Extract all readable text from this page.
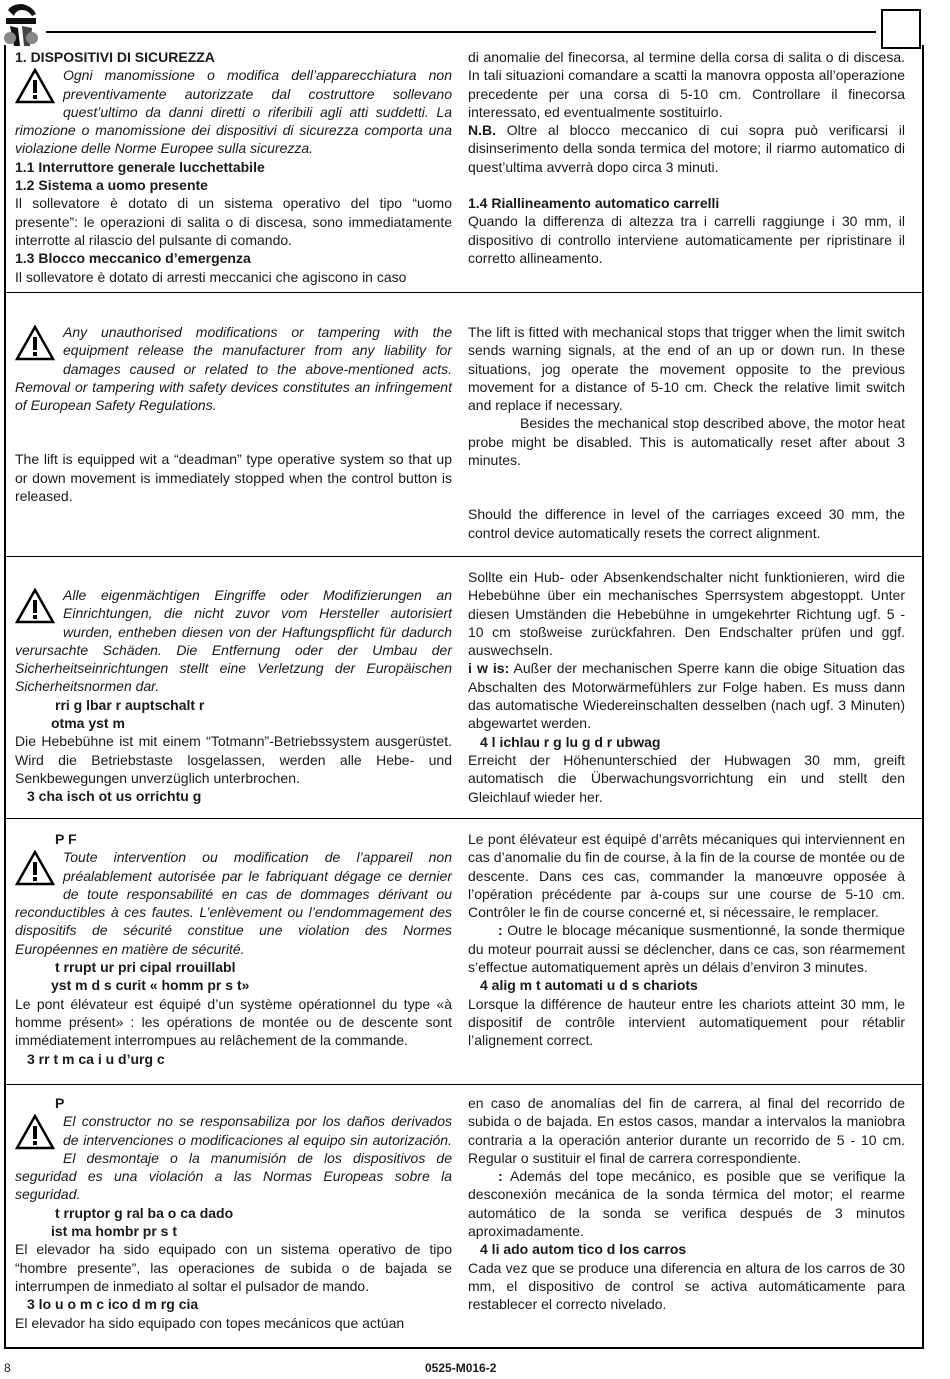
1. DISPOSITIVI DI SICUREZZA

Ogni manomissione o modifica dell’apparecchiatura non preventivamente autorizzate dal costruttore sollevano quest’ultimo da danni diretti o riferibili agli atti suddetti. La rimozione o manomissione dei dispositivi di sicurezza comporta una violazione delle Norme Europee sulla sicurezza.

1.1 Interruttore generale lucchettabile

1.2 Sistema a uomo presente

Il sollevatore è dotato di un sistema operativo del tipo “uomo presente”: le operazioni di salita o di discesa, sono immediatamente interrotte al rilascio del pulsante di comando.

1.3 Blocco meccanico d’emergenza

Il sollevatore è dotato di arresti meccanici che agiscono in caso

di anomalie del finecorsa, al termine della corsa di salita o di discesa. In tali situazioni comandare a scatti la manovra opposta all’operazione precedente per una corsa di 5-10 cm. Controllare il finecorsa interessato, ed eventualmente sostituirlo.

N.B. Oltre al blocco meccanico di cui sopra può verificarsi il disinserimento della sonda termica del motore; il riarmo automatico di quest’ultima avverrà dopo circa 3 minuti.

1.4 Riallineamento automatico carrelli

Quando la differenza di altezza tra i carrelli raggiunge i 30 mm, il dispositivo di controllo interviene automaticamente per ripristinare il corretto allineamento.

Any unauthorised modifications or tampering with the equipment release the manufacturer from any liability for damages caused or related to the above-mentioned acts. Removal or tampering with safety devices constitutes an infringement of European Safety Regulations.

The lift is equipped wit a “deadman” type operative system so that up or down movement is immediately stopped when the control button is released.

The lift is fitted with mechanical stops that trigger when the limit switch sends warning signals, at the end of an up or down run. In these situations, jog operate the movement opposite to the previous movement for a distance of 5-10 cm. Check the relative limit switch and replace if necessary.

Besides the mechanical stop described above, the motor heat probe might be disabled. This is automatically reset after about 3 minutes.

Should the difference in level of the carriages exceed 30 mm, the control device automatically resets the correct alignment.

Alle eigenmächtigen Eingriffe oder Modifizierungen an Einrichtungen, die nicht zuvor vom Hersteller autorisiert wurden, entheben diesen von der Haftungspflicht für dadurch verursachte Schäden. Die Entfernung oder der Umbau der Sicherheitseinrichtungen stellt eine Verletzung der Europäischen Sicherheitsnormen dar.

rri g lbar r auptschalt r

otma yst m

Die Hebebühne ist mit einem “Totmann”-Betriebssystem ausgerüstet. Wird die Betriebstaste losgelassen, werden alle Hebe- und Senkbewegungen unverzüglich unterbrochen.

3 cha isch ot us orrichtu g

Sollte ein Hub- oder Absenkendschalter nicht funktionieren, wird die Hebebühne über ein mechanisches Sperrsystem abgestoppt. Unter diesen Umständen die Hebebühne in umgekehrter Richtung ugf. 5 - 10 cm stoßweise zurückfahren. Den Endschalter prüfen und ggf. auswechseln.

i w is: Außer der mechanischen Sperre kann die obige Situation das Abschalten des Motorwärmefühlers zur Folge haben. Es muss dann das automatische Wiedereinschalten desselben (nach ugf. 3 Minuten) abgewartet werden.

4 l ichlau r g lu g d r ubwag

Erreicht der Höhenunterschied der Hubwagen 30 mm, greift automatisch die Überwachungsvorrichtung ein und stellt den Gleichlauf wieder her.

P F

Toute intervention ou modification de l’appareil non préalablement autorisée par le fabriquant dégage ce dernier de toute responsabilité en cas de dommages dérivant ou reconductibles à ces fautes. L’enlèvement ou l’endommagement des dispositifs de sécurité constitue une violation des Normes Européennes en matière de sécurité.

t rrupt ur pri cipal rrouillabl

yst m d s curit « homm pr s t»

Le pont élévateur est équipé d’un système opérationnel du type «à homme présent» : les opérations de montée ou de descente sont immédiatement interrompues au relâchement de la commande.

3 rr t m ca i u d’urg c

Le pont élévateur est équipé d’arrêts mécaniques qui interviennent en cas d’anomalie du fin de course, à la fin de la course de montée ou de descente. Dans ces cas, commander la manœuvre opposée à l’opération précédente par à-coups sur une course de 5-10 cm. Contrôler le fin de course concerné et, si nécessaire, le remplacer.

: Outre le blocage mécanique susmentionné, la sonde thermique du moteur pourrait aussi se déclencher, dans ce cas, son réarmement s’effectue automatiquement après un délais d’environ 3 minutes.

4 alig m t automati u d s chariots

Lorsque la différence de hauteur entre les chariots atteint 30 mm, le dispositif de contrôle intervient automatiquement pour rétablir l’alignement correct.

P

El constructor no se responsabiliza por los daños derivados de intervenciones o modificaciones al equipo sin autorización. El desmontaje o la manumisión de los dispositivos de seguridad es una violación a las Normas Europeas sobre la seguridad.

t rruptor g ral ba o ca dado

ist ma hombr pr s t

El elevador ha sido equipado con un sistema operativo de tipo “hombre presente”, las operaciones de subida o de bajada se interrumpen de inmediato al soltar el pulsador de mando.

3 lo u o m c ico d m rg cia

El elevador ha sido equipado con topes mecánicos que actúan

en caso de anomalías del fin de carrera, al final del recorrido de subida o de bajada. En estos casos, mandar a intervalos la maniobra contraria a la operación anterior durante un recorrido de 5 - 10 cm. Regular o sustituir el final de carrera correspondiente.

: Además del tope mecánico, es posible que se verifique la desconexión mecánica de la sonda térmica del motor; el rearme automático de la sonda se verifica después de 3 minutos aproximadamente.

4 li ado autom tico d los carros

Cada vez que se produce una diferencia en altura de los carros de 30 mm, el dispositivo de control se activa automáticamente para restablecer el correcto nivelado.

8	0525-M016-2
